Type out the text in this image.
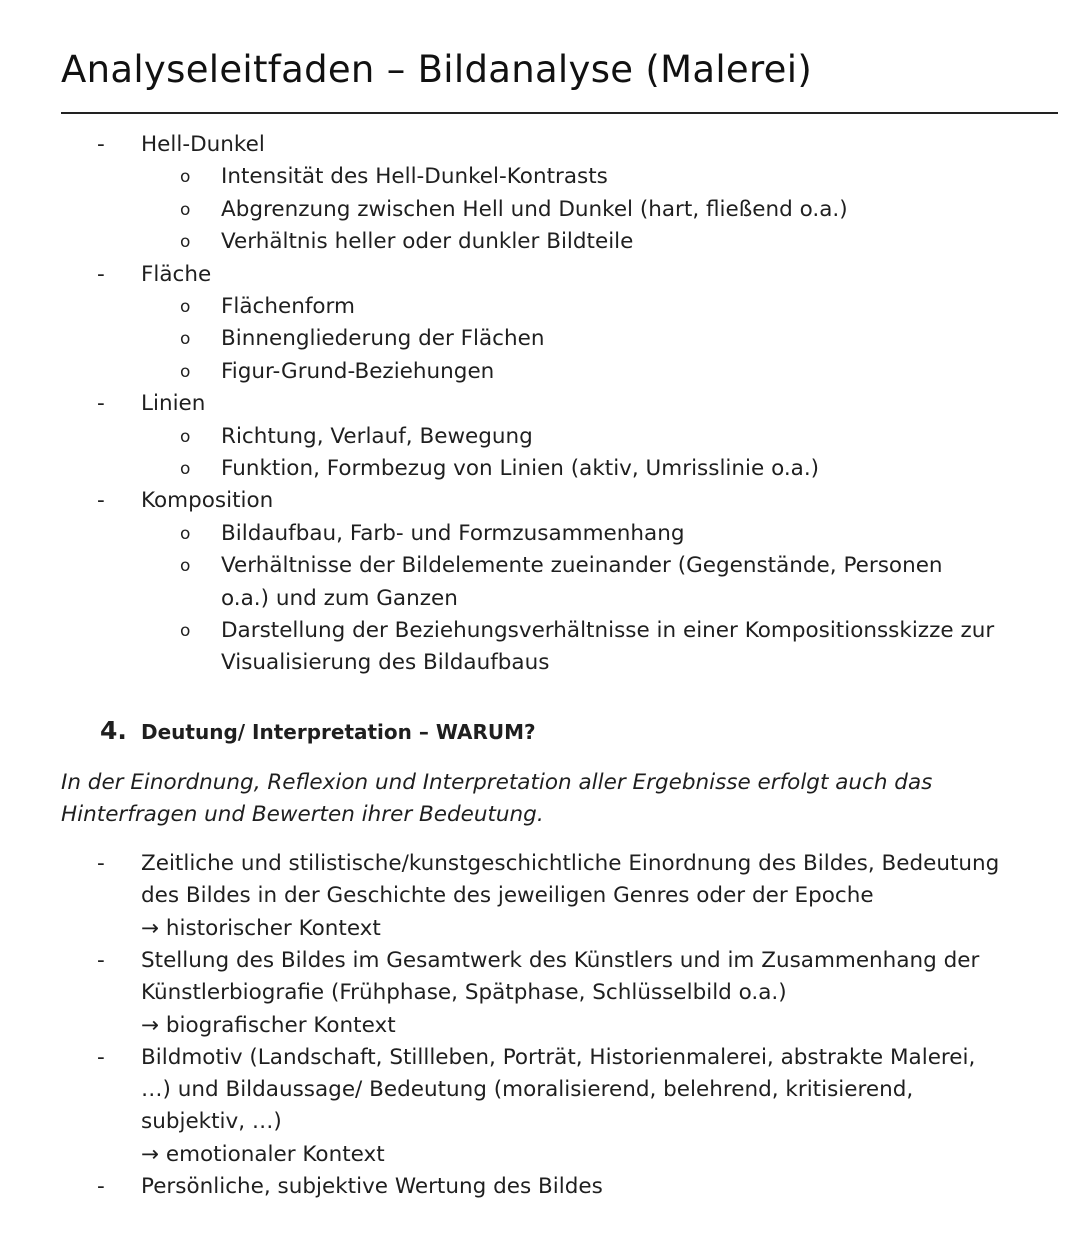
Analyseleitfaden – Bildanalyse (Malerei)
-	Hell-Dunkel
o Intensität des Hell-Dunkel-Kontrasts
o Abgrenzung zwischen Hell und Dunkel (hart, fließend o.a.)
o Verhältnis heller oder dunkler Bildteile
-	Fläche
o Flächenform
o Binnengliederung der Flächen
o Figur-Grund-Beziehungen
-	Linien
o Richtung, Verlauf, Bewegung
o Funktion, Formbezug von Linien (aktiv, Umrisslinie o.a.)
-	Komposition
o Bildaufbau, Farb- und Formzusammenhang
o Verhältnisse der Bildelemente zueinander (Gegenstände, Personen
o.a.) und zum Ganzen
o Darstellung der Beziehungsverhältnisse in einer Kompositionsskizze zur
Visualisierung des Bildaufbaus
4. Deutung/ Interpretation – WARUM?
In der Einordnung, Reflexion und Interpretation aller Ergebnisse erfolgt auch das
Hinterfragen und Bewerten ihrer Bedeutung.
-	Zeitliche und stilistische/kunstgeschichtliche Einordnung des Bildes, Bedeutung
des Bildes in der Geschichte des jeweiligen Genres oder der Epoche
→ historischer Kontext
-	Stellung des Bildes im Gesamtwerk des Künstlers und im Zusammenhang der
Künstlerbiografie (Frühphase, Spätphase, Schlüsselbild o.a.)
→ biografischer Kontext
-	Bildmotiv (Landschaft, Stillleben, Porträt, Historienmalerei, abstrakte Malerei,
…) und Bildaussage/ Bedeutung (moralisierend, belehrend, kritisierend,
subjektiv, …)
→ emotionaler Kontext
-	Persönliche, subjektive Wertung des Bildes
